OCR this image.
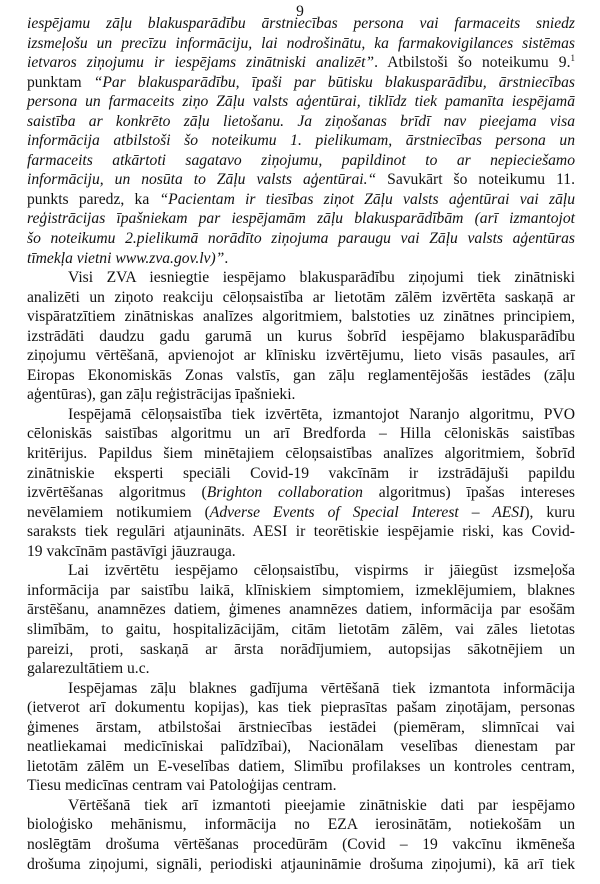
9
iespējamu zāļu blakusparādību ārstniecības persona vai farmaceits sniedz
izsmeļošu un precīzu informāciju, lai nodrošinātu, ka farmakovigilances sistēmas
ietvaros ziņojumu ir iespējams zinātniski analizēt”. Atbilstoši šo noteikumu 9.$^1$
punktam “Par blakusparādību, īpaši par būtisku blakusparādību, ārstniecības
persona un farmaceits ziņo Zāļu valsts aģentūrai, tiklīdz tiek pamanīta iespējamā
saistība ar konkrēto zāļu lietošanu. Ja ziņošanas brīdī nav pieejama visa
informācija atbilstoši šo noteikumu 1. pielikumam, ārstniecības persona un
farmaceits atkārtoti sagatavo ziņojumu, papildinot to ar nepieciešamo
informāciju, un nosūta to Zāļu valsts aģentūrai.“ Savukārt šo noteikumu 11.
punkts paredz, ka “Pacientam ir tiesības ziņot Zāļu valsts aģentūrai vai zāļu
reģistrācijas īpašniekam par iespējamām zāļu blakusparādībām (arī izmantojot
šo noteikumu 2.pielikumā norādīto ziņojuma paraugu vai Zāļu valsts aģentūras
tīmekļa vietni www.zva.gov.lv)”.
Visi ZVA iesniegtie iespējamo blakusparādību ziņojumi tiek zinātniski
analizēti un ziņoto reakciju cēloņsaistība ar lietotām zālēm izvērtēta saskaņā ar
vispāratzītiem zinātniskas analīzes algoritmiem, balstoties uz zinātnes principiem,
izstrādāti daudzu gadu garumā un kurus šobrīd iespējamo blakusparādību
ziņojumu vērtēšanā, apvienojot ar klīnisku izvērtējumu, lieto visās pasaules, arī
Eiropas Ekonomiskās Zonas valstīs, gan zāļu reglamentējošās iestādes (zāļu
aģentūras), gan zāļu reģistrācijas īpašnieki.
Iespējamā cēloņsaistība tiek izvērtēta, izmantojot Naranjo algoritmu, PVO
cēloniskās saistības algoritmu un arī Bredforda – Hilla cēloniskās saistības
kritērijus. Papildus šiem minētajiem cēloņsaistības analīzes algoritmiem, šobrīd
zinātniskie eksperti speciāli Covid-19 vakcīnām ir izstrādājuši papildu
izvērtēšanas algoritmus (Brighton collaboration algoritmus) īpašas intereses
nevēlamiem notikumiem (Adverse Events of Special Interest – AESI), kuru
saraksts tiek regulāri atjaunināts. AESI ir teorētiskie iespējamie riski, kas Covid-
19 vakcīnām pastāvīgi jāuzrauga.
Lai izvērtētu iespējamo cēloņsaistību, vispirms ir jāiegūst izsmeļoša
informācija par saistību laikā, klīniskiem simptomiem, izmeklējumiem, blaknes
ārstēšanu, anamnēzes datiem, ģimenes anamnēzes datiem, informācija par esošām
slimībām, to gaitu, hospitalizācijām, citām lietotām zālēm, vai zāles lietotas
pareizi, proti, saskaņā ar ārsta norādījumiem, autopsijas sākotnējiem un
galarezultātiem u.c.
Iespējamas zāļu blaknes gadījuma vērtēšanā tiek izmantota informācija
(ietverot arī dokumentu kopijas), kas tiek pieprasītas pašam ziņotājam, personas
ģimenes ārstam, atbilstošai ārstniecības iestādei (piemēram, slimnīcai vai
neatliekamai medicīniskai palīdzībai), Nacionālam veselības dienestam par
lietotām zālēm un E-veselības datiem, Slimību profilakses un kontroles centram,
Tiesu medicīnas centram vai Patoloģijas centram.
Vērtēšanā tiek arī izmantoti pieejamie zinātniskie dati par iespējamo
bioloģisko mehānismu, informācija no EZA ierosinātām, notiekošām un
noslēgtām drošuma vērtēšanas procedūrām (Covid – 19 vakcīnu ikmēneša
drošuma ziņojumi, signāli, periodiski atjaunināmie drošuma ziņojumi), kā arī tiek
